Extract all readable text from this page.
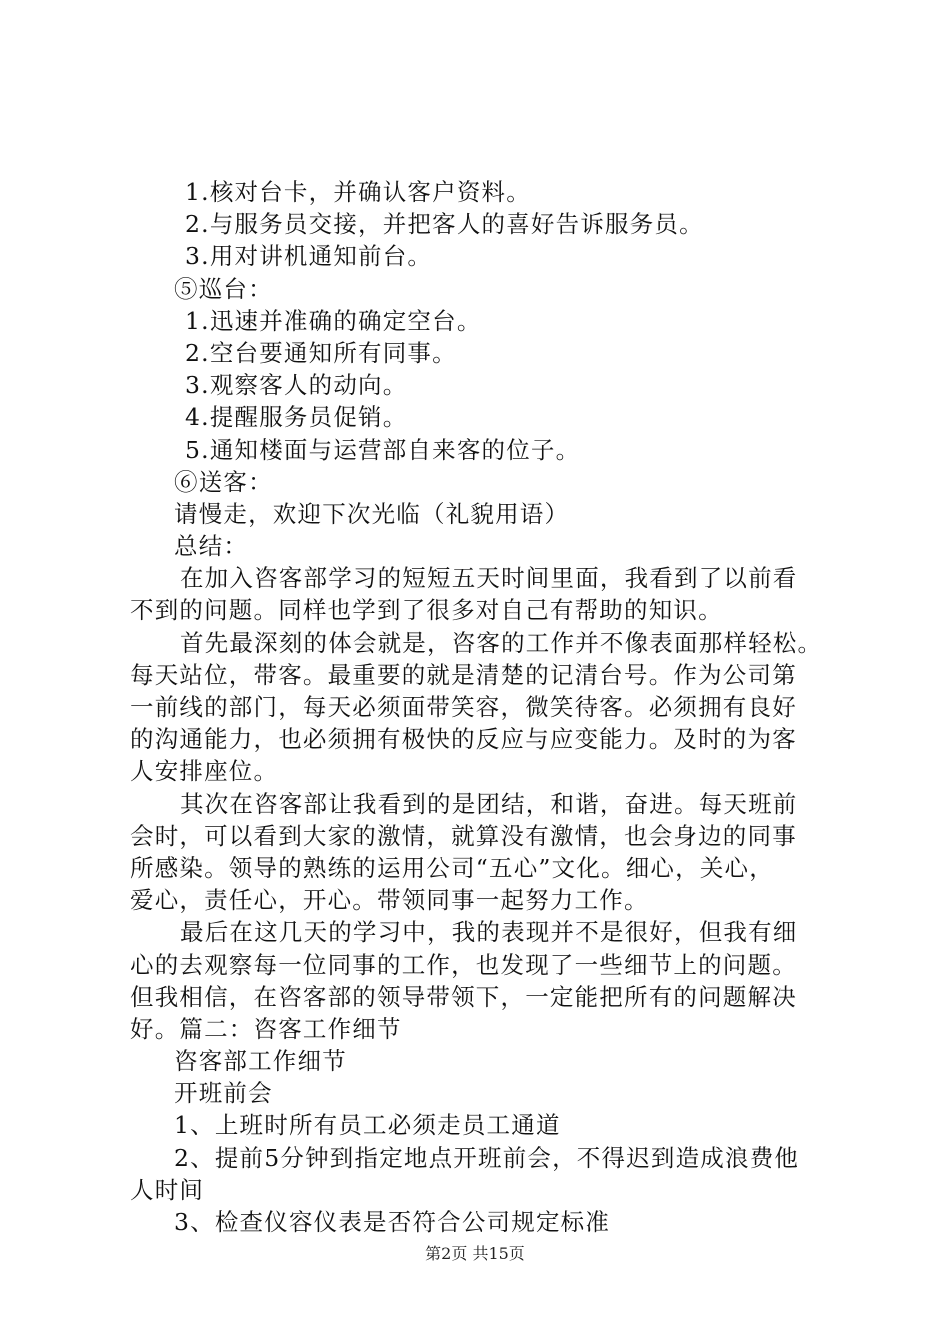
1.核对台卡，并确认客户资料。
2.与服务员交接，并把客人的喜好告诉服务员。
3.用对讲机通知前台。
⑤巡台：
1.迅速并准确的确定空台。
2.空台要通知所有同事。
3.观察客人的动向。
4.提醒服务员促销。
5.通知楼面与运营部自来客的位子。
⑥送客：
请慢走，欢迎下次光临（礼貌用语）
总结：
在加入咨客部学习的短短五天时间里面，我看到了以前看
不到的问题。同样也学到了很多对自己有帮助的知识。
首先最深刻的体会就是，咨客的工作并不像表面那样轻松。
每天站位，带客。最重要的就是清楚的记清台号。作为公司第
一前线的部门，每天必须面带笑容，微笑待客。必须拥有良好
的沟通能力，也必须拥有极快的反应与应变能力。及时的为客
人安排座位。
其次在咨客部让我看到的是团结，和谐，奋进。每天班前
会时，可以看到大家的激情，就算没有激情，也会身边的同事
所感染。领导的熟练的运用公司“五心”文化。细心，关心，
爱心，责任心，开心。带领同事一起努力工作。
最后在这几天的学习中，我的表现并不是很好，但我有细
心的去观察每一位同事的工作，也发现了一些细节上的问题。
但我相信，在咨客部的领导带领下，一定能把所有的问题解决
好。篇二：咨客工作细节
咨客部工作细节
开班前会
1、上班时所有员工必须走员工通道
2、提前5分钟到指定地点开班前会，不得迟到造成浪费他
人时间
3、检查仪容仪表是否符合公司规定标准
第2页 共15页
